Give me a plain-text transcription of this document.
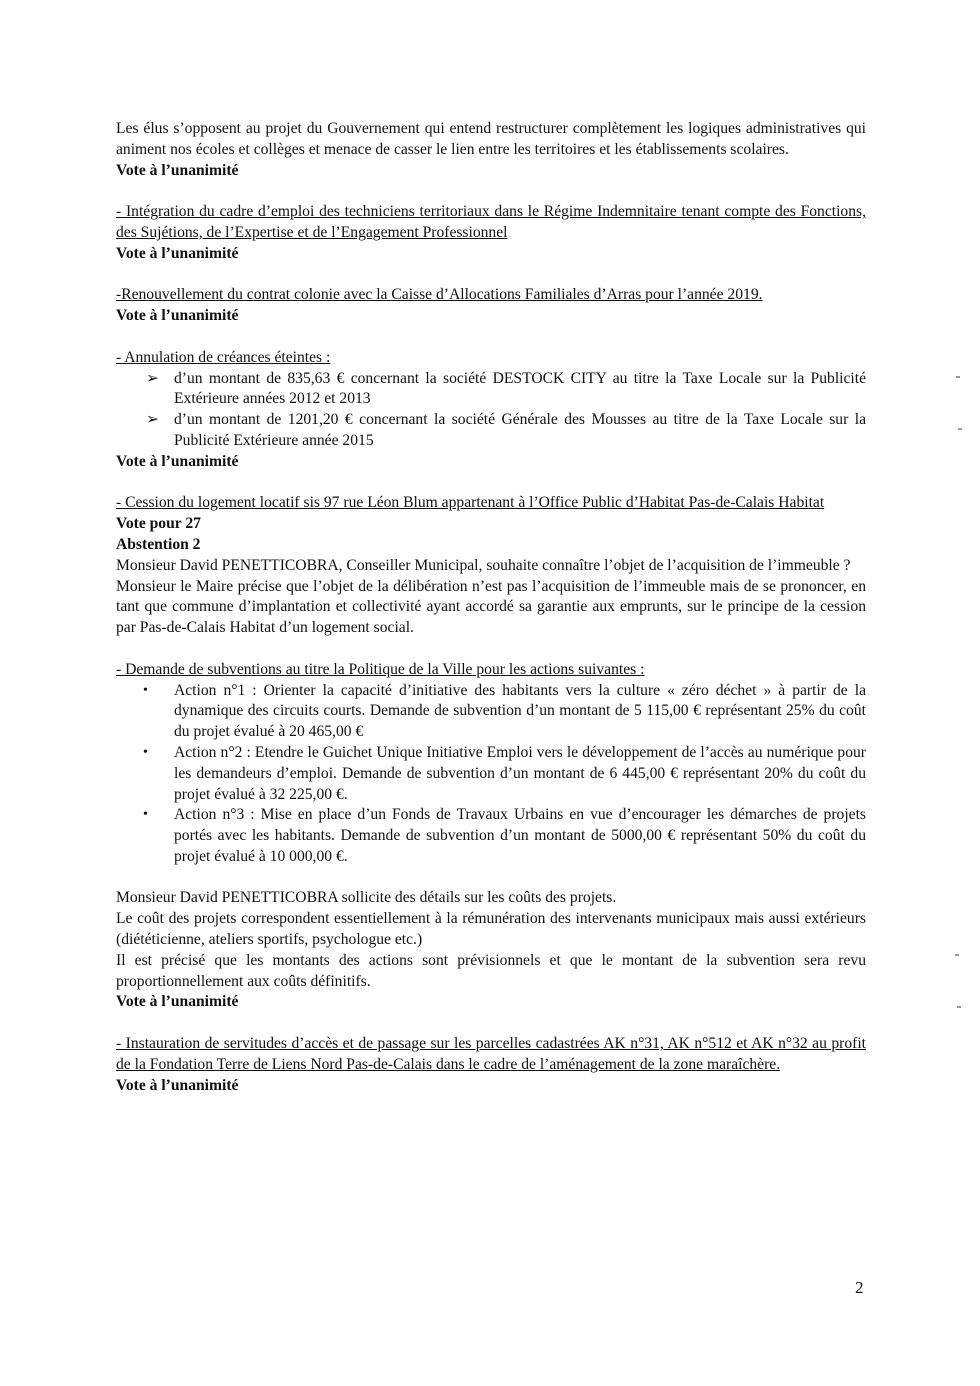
Les élus s’opposent au projet du Gouvernement qui entend restructurer complètement les logiques administratives qui animent nos écoles et collèges et menace de casser le lien entre les territoires et les établissements scolaires.

Vote à l’unanimité

- Intégration du cadre d’emploi des techniciens territoriaux dans le Régime Indemnitaire tenant compte des Fonctions, des Sujétions, de l’Expertise et de l’Engagement Professionnel

Vote à l’unanimité

-Renouvellement du contrat colonie avec la Caisse d’Allocations Familiales d’Arras pour l’année 2019.

Vote à l’unanimité

- Annulation de créances éteintes :

➢ d’un montant de 835,63 € concernant la société DESTOCK CITY au titre la Taxe Locale sur la Publicité Extérieure années 2012 et 2013
➢ d’un montant de 1201,20 € concernant la société Générale des Mousses au titre de la Taxe Locale sur la Publicité Extérieure année 2015

Vote à l’unanimité

- Cession du logement locatif sis 97 rue Léon Blum appartenant à l’Office Public d’Habitat Pas-de-Calais Habitat

Vote pour 27

Abstention 2

Monsieur David PENETTICOBRA, Conseiller Municipal, souhaite connaître l’objet de l’acquisition de l’immeuble ?

Monsieur le Maire précise que l’objet de la délibération n’est pas l’acquisition de l’immeuble mais de se prononcer, en tant que commune d’implantation et collectivité ayant accordé sa garantie aux emprunts, sur le principe de la cession par Pas-de-Calais Habitat d’un logement social.

- Demande de subventions au titre la Politique de la Ville pour les actions suivantes :

• Action n°1 : Orienter la capacité d’initiative des habitants vers la culture « zéro déchet » à partir de la dynamique des circuits courts. Demande de subvention d’un montant de 5 115,00 € représentant 25% du coût du projet évalué à 20 465,00 €
• Action n°2 : Etendre le Guichet Unique Initiative Emploi vers le développement de l’accès au numérique pour les demandeurs d’emploi. Demande de subvention d’un montant de 6 445,00 € représentant 20% du coût du projet évalué à 32 225,00 €.
• Action n°3 : Mise en place d’un Fonds de Travaux Urbains en vue d’encourager les démarches de projets portés avec les habitants. Demande de subvention d’un montant de 5000,00 € représentant 50% du coût du projet évalué à 10 000,00 €.

Monsieur David PENETTICOBRA sollicite des détails sur les coûts des projets.

Le coût des projets correspondent essentiellement à la rémunération des intervenants municipaux mais aussi extérieurs (diététicienne, ateliers sportifs, psychologue etc.)

Il est précisé que les montants des actions sont prévisionnels et que le montant de la subvention sera revu proportionnellement aux coûts définitifs.

Vote à l’unanimité

- Instauration de servitudes d’accès et de passage sur les parcelles cadastrées AK n°31, AK n°512 et AK n°32 au profit de la Fondation Terre de Liens Nord Pas-de-Calais dans le cadre de l’aménagement de la zone maraîchère.

Vote à l’unanimité

2
